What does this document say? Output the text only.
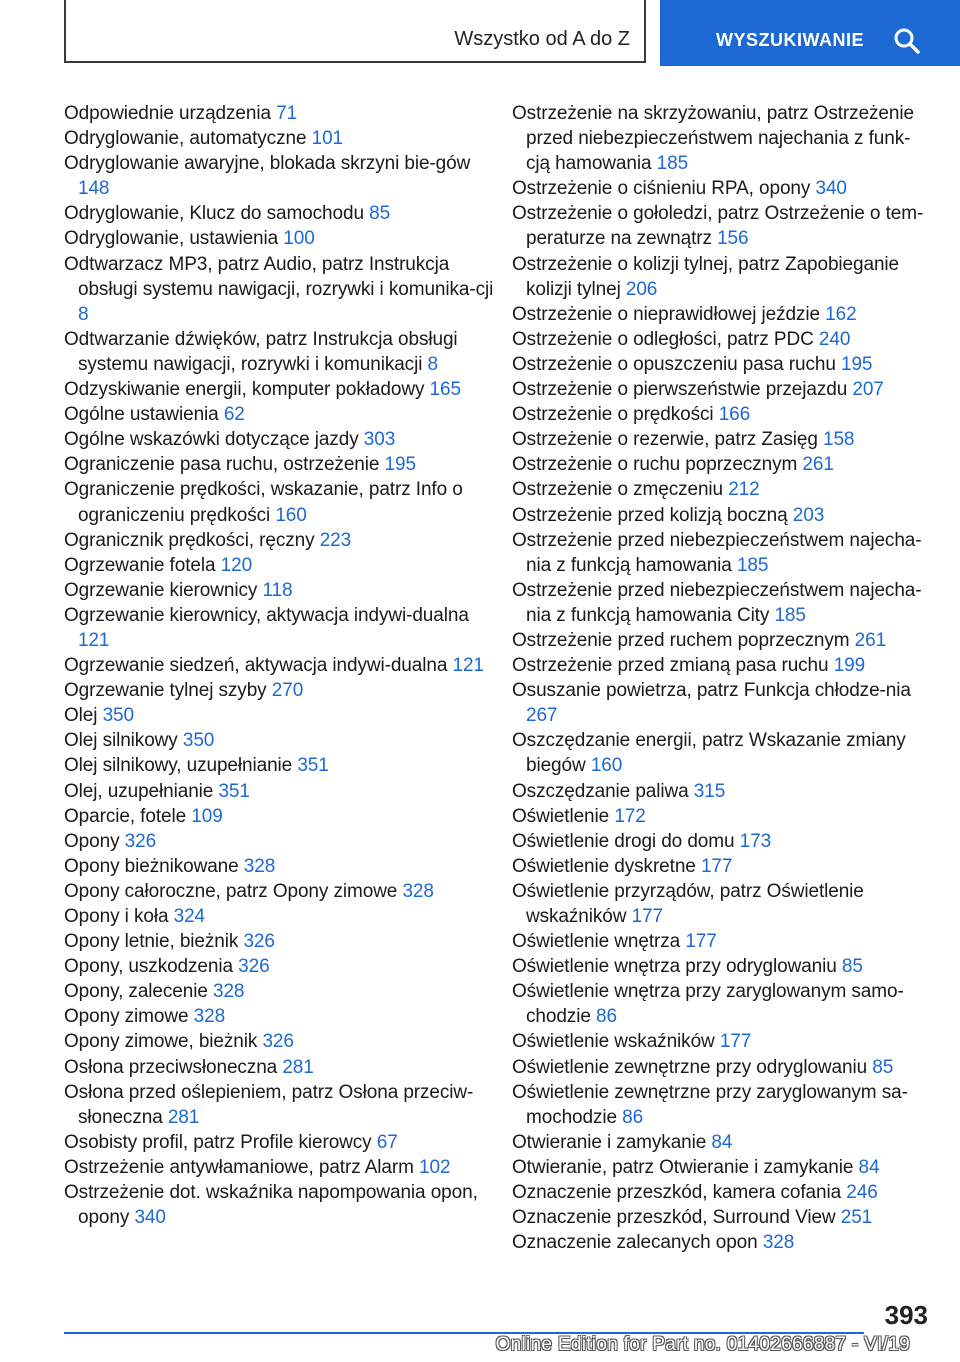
Wszystko od A do Z	WYSZUKIWANIE

Odpowiednie urządzenia 71

Odryglowanie, automatyczne 101

Odryglowanie awaryjne, blokada skrzyni bie‐gów 148

Odryglowanie, Klucz do samochodu 85

Odryglowanie, ustawienia 100

Odtwarzacz MP3, patrz Audio, patrz Instrukcja obsługi systemu nawigacji, rozrywki i komunika‐cji 8

Odtwarzanie dźwięków, patrz Instrukcja obsługi systemu nawigacji, rozrywki i komunikacji 8

Odzyskiwanie energii, komputer pokładowy 165

Ogólne ustawienia 62

Ogólne wskazówki dotyczące jazdy 303

Ograniczenie pasa ruchu, ostrzeżenie 195

Ograniczenie prędkości, wskazanie, patrz Info o ograniczeniu prędkości 160

Ogranicznik prędkości, ręczny 223

Ogrzewanie fotela 120

Ogrzewanie kierownicy 118

Ogrzewanie kierownicy, aktywacja indywi‐dualna 121

Ogrzewanie siedzeń, aktywacja indywi‐dualna 121

Ogrzewanie tylnej szyby 270

Olej 350

Olej silnikowy 350

Olej silnikowy, uzupełnianie 351

Olej, uzupełnianie 351

Oparcie, fotele 109

Opony 326

Opony bieżnikowane 328

Opony całoroczne, patrz Opony zimowe 328

Opony i koła 324

Opony letnie, bieżnik 326

Opony, uszkodzenia 326

Opony, zalecenie 328

Opony zimowe 328

Opony zimowe, bieżnik 326

Osłona przeciwsłoneczna 281

Osłona przed oślepieniem, patrz Osłona przeciw‐słoneczna 281

Osobisty profil, patrz Profile kierowcy 67

Ostrzeżenie antywłamaniowe, patrz Alarm 102

Ostrzeżenie dot. wskaźnika napompowania opon, opony 340

Ostrzeżenie na skrzyżowaniu, patrz Ostrzeżenie przed niebezpieczeństwem najechania z funk‐cją hamowania 185

Ostrzeżenie o ciśnieniu RPA, opony 340

Ostrzeżenie o gołoledzi, patrz Ostrzeżenie o tem‐peraturze na zewnątrz 156

Ostrzeżenie o kolizji tylnej, patrz Zapobieganie kolizji tylnej 206

Ostrzeżenie o nieprawidłowej jeździe 162

Ostrzeżenie o odległości, patrz PDC 240

Ostrzeżenie o opuszczeniu pasa ruchu 195

Ostrzeżenie o pierwszeństwie przejazdu 207

Ostrzeżenie o prędkości 166

Ostrzeżenie o rezerwie, patrz Zasięg 158

Ostrzeżenie o ruchu poprzecznym 261

Ostrzeżenie o zmęczeniu 212

Ostrzeżenie przed kolizją boczną 203

Ostrzeżenie przed niebezpieczeństwem najecha‐nia z funkcją hamowania 185

Ostrzeżenie przed niebezpieczeństwem najecha‐nia z funkcją hamowania City 185

Ostrzeżenie przed ruchem poprzecznym 261

Ostrzeżenie przed zmianą pasa ruchu 199

Osuszanie powietrza, patrz Funkcja chłodze‐nia 267

Oszczędzanie energii, patrz Wskazanie zmiany biegów 160

Oszczędzanie paliwa 315

Oświetlenie 172

Oświetlenie drogi do domu 173

Oświetlenie dyskretne 177

Oświetlenie przyrządów, patrz Oświetlenie wskaźników 177

Oświetlenie wnętrza 177

Oświetlenie wnętrza przy odryglowaniu 85

Oświetlenie wnętrza przy zaryglowanym samo‐chodzie 86

Oświetlenie wskaźników 177

Oświetlenie zewnętrzne przy odryglowaniu 85

Oświetlenie zewnętrzne przy zaryglowanym sa‐mochodzie 86

Otwieranie i zamykanie 84

Otwieranie, patrz Otwieranie i zamykanie 84

Oznaczenie przeszkód, kamera cofania 246

Oznaczenie przeszkód, Surround View 251

Oznaczenie zalecanych opon 328

393
Online Edition for Part no. 01402666887 - VI/19
